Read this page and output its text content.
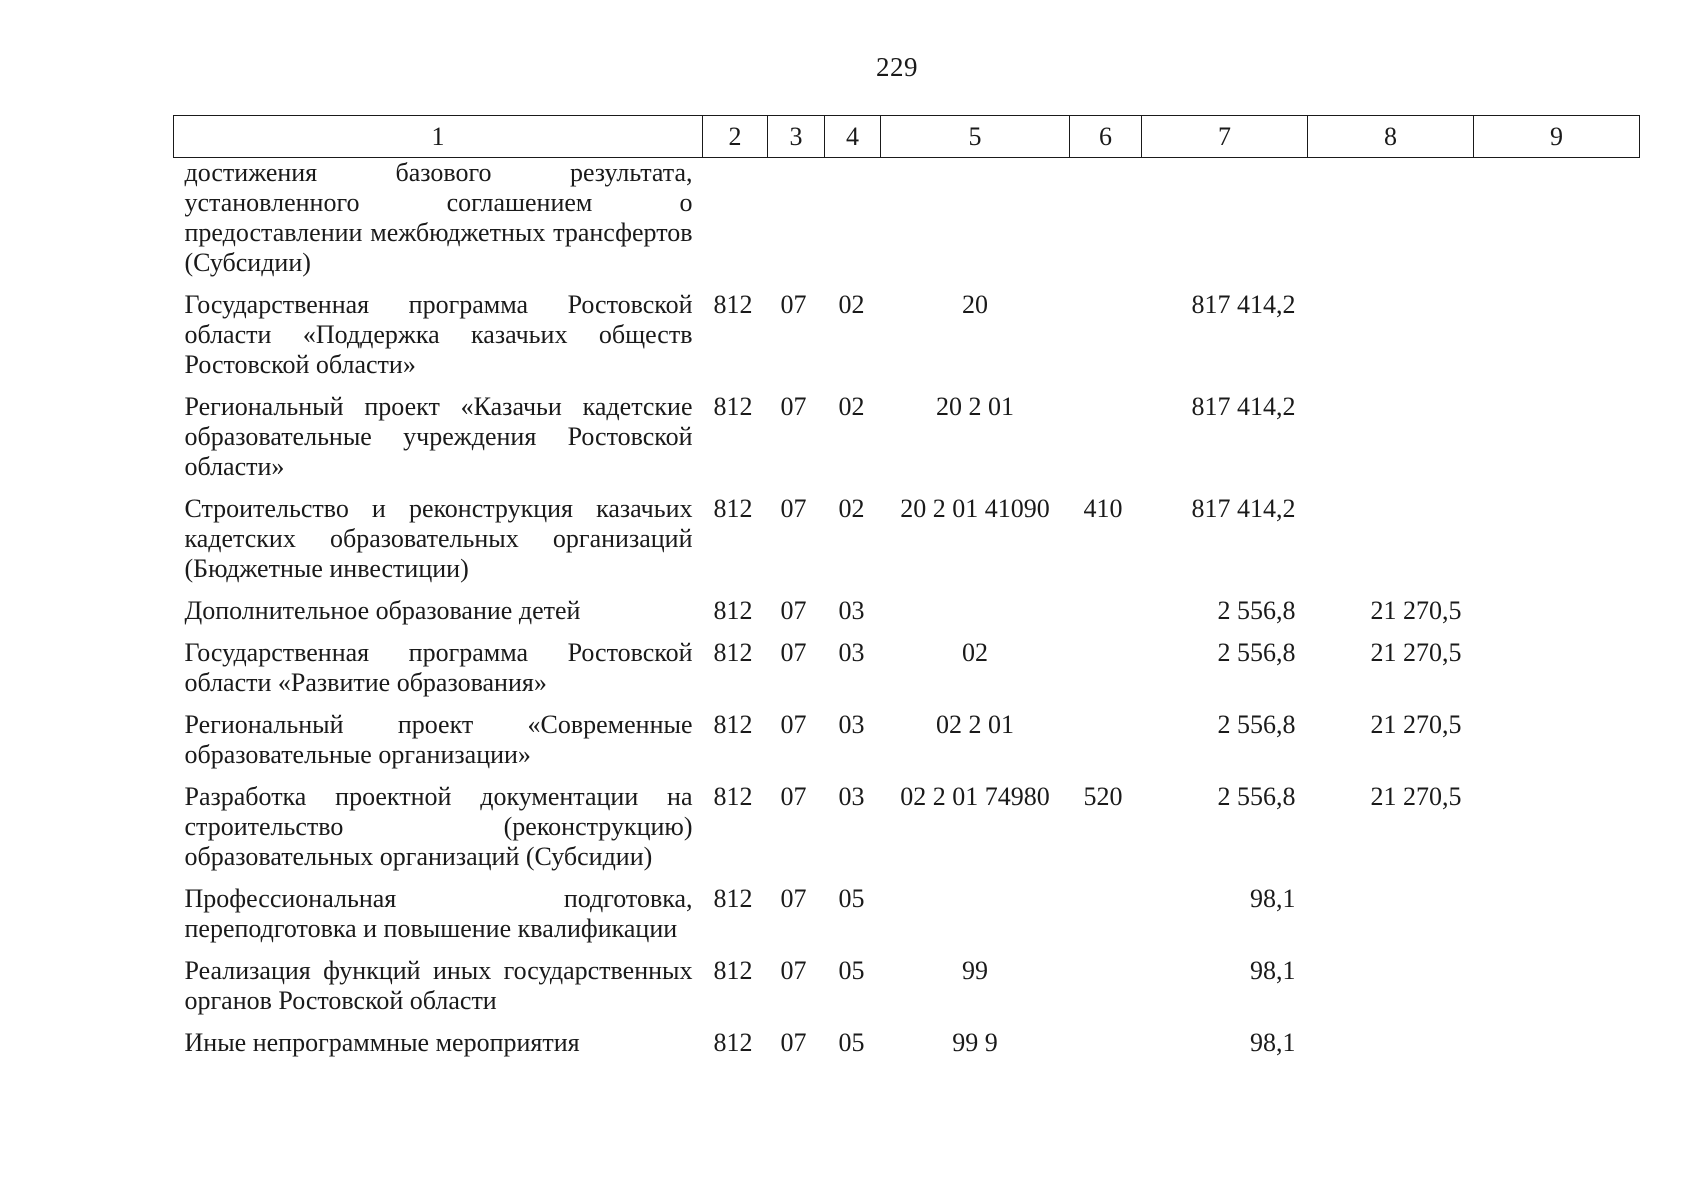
229
1	2	3	4	5	6	7	8	9
достижения базового результата, установленного соглашением о предоставлении межбюджетных трансфертов (Субсидии)								
Государственная программа Ростовской области «Поддержка казачьих обществ Ростовской области»	812	07	02	20		817 414,2		
Региональный проект «Казачьи кадетские образовательные учреждения Ростовской области»	812	07	02	20 2 01		817 414,2		
Строительство и реконструкция казачьих кадетских образовательных организаций (Бюджетные инвестиции)	812	07	02	20 2 01 41090	410	817 414,2		
Дополнительное образование детей	812	07	03			2 556,8	21 270,5	
Государственная программа Ростовской области «Развитие образования»	812	07	03	02		2 556,8	21 270,5	
Региональный проект «Современные образовательные организации»	812	07	03	02 2 01		2 556,8	21 270,5	
Разработка проектной документации на строительство (реконструкцию) образовательных организаций (Субсидии)	812	07	03	02 2 01 74980	520	2 556,8	21 270,5	
Профессиональная подготовка, переподготовка и повышение квалификации	812	07	05			98,1		
Реализация функций иных государственных органов Ростовской области	812	07	05	99		98,1		
Иные непрограммные мероприятия	812	07	05	99 9		98,1		
